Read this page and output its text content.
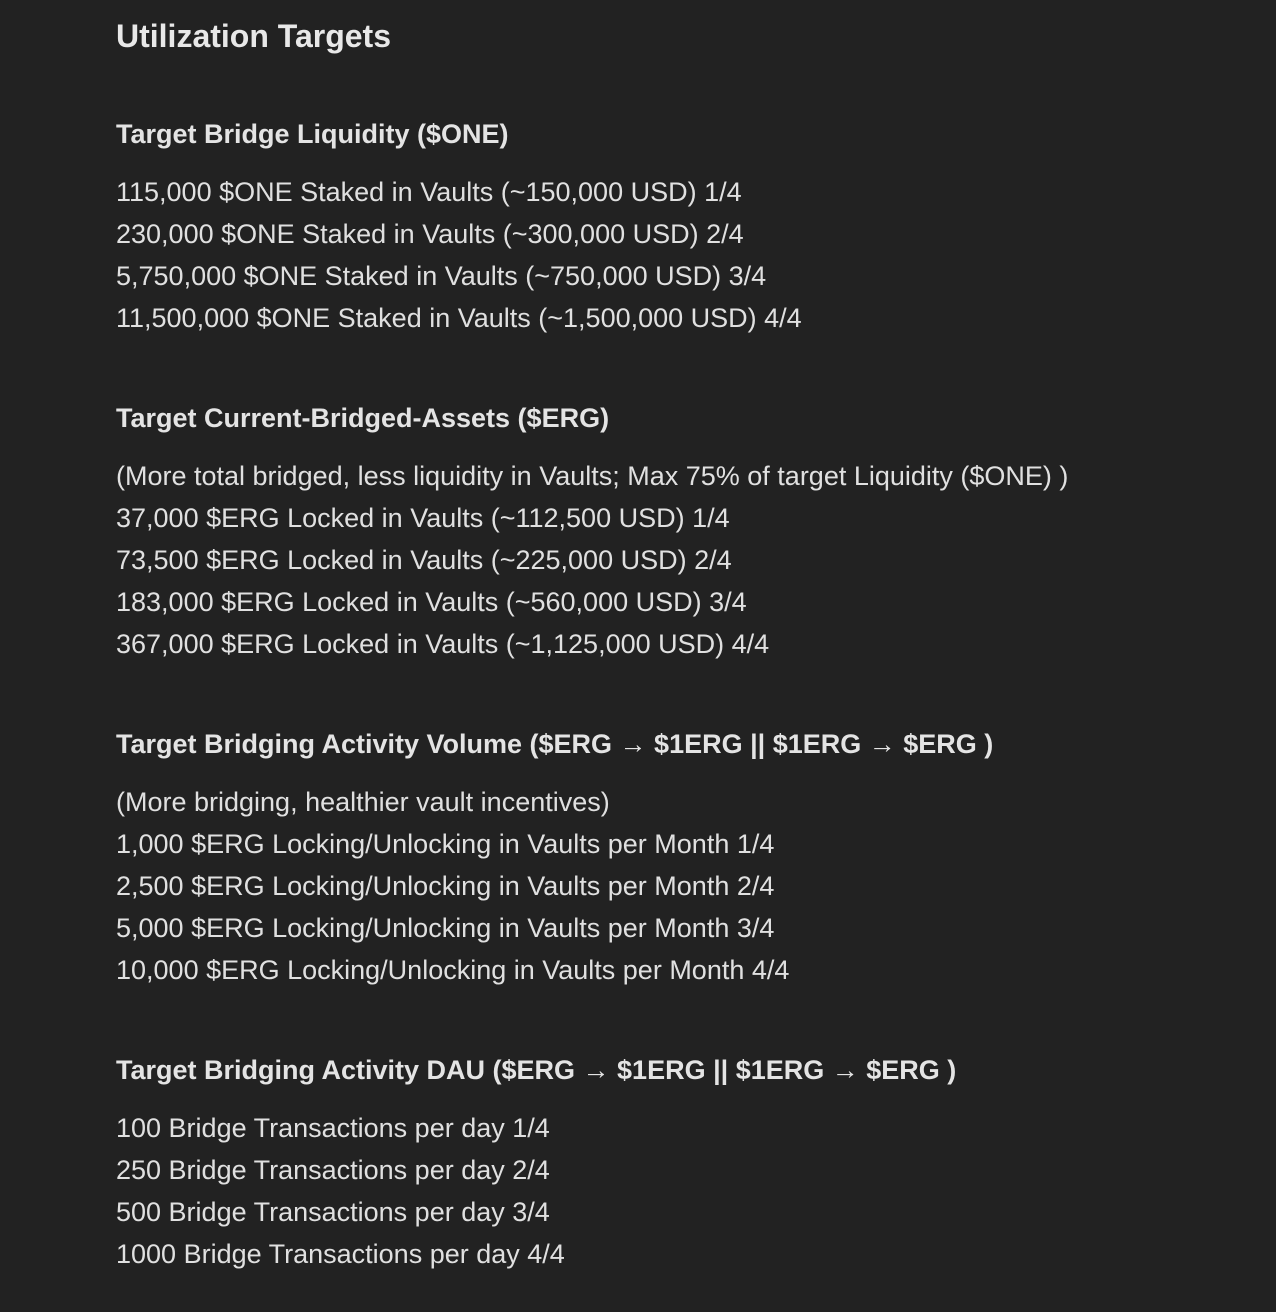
Utilization Targets
Target Bridge Liquidity ($ONE)
115,000 $ONE Staked in Vaults (~150,000 USD) 1/4
230,000 $ONE Staked in Vaults (~300,000 USD) 2/4
5,750,000 $ONE Staked in Vaults (~750,000 USD) 3/4
11,500,000 $ONE Staked in Vaults (~1,500,000 USD) 4/4
Target Current-Bridged-Assets ($ERG)

(More total bridged, less liquidity in Vaults; Max 75% of target Liquidity ($ONE) )

37,000 $ERG Locked in Vaults (~112,500 USD) 1/4
73,500 $ERG Locked in Vaults (~225,000 USD) 2/4
183,000 $ERG Locked in Vaults (~560,000 USD) 3/4
367,000 $ERG Locked in Vaults (~1,125,000 USD) 4/4
Target Bridging Activity Volume ($ERG → $1ERG || $1ERG → $ERG )

(More bridging, healthier vault incentives)

1,000 $ERG Locking/Unlocking in Vaults per Month 1/4
2,500 $ERG Locking/Unlocking in Vaults per Month 2/4
5,000 $ERG Locking/Unlocking in Vaults per Month 3/4
10,000 $ERG Locking/Unlocking in Vaults per Month 4/4
Target Bridging Activity DAU ($ERG → $1ERG || $1ERG → $ERG )
100 Bridge Transactions per day 1/4
250 Bridge Transactions per day 2/4
500 Bridge Transactions per day 3/4
1000 Bridge Transactions per day 4/4
